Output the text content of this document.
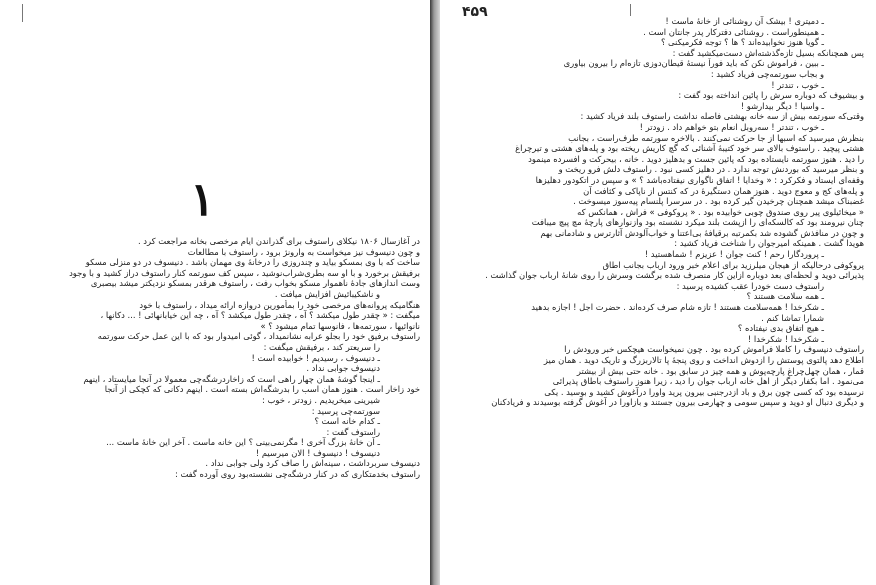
۱
در آغازسال ۱۸۰۶ نیکلای راستوف برای گذراندن ایام مرخصی بخانه مراجعت کرد .
و چون دنیسوف نیز میخواست به وارونژ برود ، راستوف با مطالعات
ساخت که با وی بمسکو بیاید و چندروزی را درخانهٔ وی مهمان باشد . دنیسوف در دو منزلی مسکو
برفیقش برخورد و با او سه بطری‌شراب‌نوشید ، سپس کف سورتمه کنار راستوف دراز کشید و با وجود
وست اندازهای جادهٔ ناهموار مسکو بخواب رفت ، راستوف هرقدر بمسکو نزدیکتر میشد بیصبری
و ناشکیبائیش افزایش میافت .
هنگامیکه پروانه‌های مرخصی خود را بمأمورین دروازه ارائه میداد ، راستوف با خود
میگفت : « چقدر طول میکشد ؟ آه ، چقدر طول میکشد ؟ آه ، چه این خیابانها‌ئی ! ... دکانها ،
نانوائیها ، سورتمه‌ها ، فانوسها تمام میشود ؟ »
راستوف برفیق خود را بجلو عرابه نشانمیداد ، گوئی امیدوار بود که با این عمل حرکت سورتمه
را سریعتر کند ، برفیقش میگفت :
ـ دنیسوف ، رسیدیم ! خوابیده است !
دنیسوف جوابی نداد .
ـ اینجا گوشهٔ همان چهار راهی است که زاخاردرشگه‌چی معمولا در آنجا میایستاد ، اینهم
خود زاخار است . هنوز همان اسب را بدرشگه‌اش بسته است . اینهم دکانی که کچکی از آنجا
شیرینی میخریدیم . زودتر ، خوب :
سورتمه‌چی پرسید :
ـ کدام خانه است ؟
راستوف گفت :
ـ آن خانهٔ بزرگ آخری ! مگرنمی‌بینی ؟ این خانه ماست . آخر این خانهٔ ماست ...
دنیسوف ! دنیسوف ! الان میرسیم !
دنیسوف سربرداشت ، سینه‌اش را صاف کرد ولی جوابی نداد .
راستوف بخدمتکاری که در کنار درشگه‌چی نشسته‌بود روی آورده گفت :
۴۵۹
ـ دمیتری ! بیشک آن روشنائی از خانهٔ ماست !
ـ همینطوراست . روشنائی دفترکار پدر جانتان است .
ـ گویا هنوز نخوابیده‌اند ؟ ها ؟ توجه فکرمیکنی ؟
پس همچنانکه بسیل تازه‌گذشته‌اش دست‌میکشید گفت :
ـ ببین ، فراموش نکن که باید فوراً نیستهٔ قیطان‌دوزی تازه‌ام را بیرون بیاوری
و بجاب سورتمه‌چی فریاد کشید :
ـ خوب ، تندتر !
و بیشیوف که دوباره سرش را پائین انداخته بود گفت :
ـ واسیا ! دیگر بیدارشو !
وقتی‌که سورتمه‌ بیش از سه خانه بهشتی فاصله نداشت راستوف بلند فریاد کشید :
ـ خوب ، تندتر ! سه‌روبل انعام بتو خواهم داد . زودتر !
بنظرش میرسید که اسبها از جا حرکت نمی‌کنند . بالاخره سورتمه طرف‌راست ، بجانب
هشتی پیچید . راستوف بالای سر خود کتیبهٔ آشنائی که گچ کاریش ریخته بود و پله‌های هشتی و تیرچراغ
را دید . هنوز سورتمه نایستاده بود که پائین جست و بدهلیز دوید . خانه ، بیحرکت و افسرده مینمود
و بنظر میرسید که بوردنش توجه ندارد . در دهلیز کسی نبود . راستوف دلش فرو ریخت و
وقفه‌ای ایستاد و فکرکرد : « وخدایا ! اتفاق ناگواری نیفتاده‌باشد ؟ » و سپس در اتکودور دهلیزها
و پله‌های کج و معوج دوید . هنوز همان دستگیرهٔ در که کنتس از ناپاکی و کثافت آن
غضبناک میشد همچنان چرخیدن گیر کرده بود . در سرسرا پلنسام پیه‌سوز میسوخت .
« میخائیلوی پیر روی صندوق چوبی خوابیده بود . « پروکوفی » فراش ، همانکس که
چنان نیرومند بود که کالسکه‌ای را ازپشت بلند میکرد نشسته بود وازنوارهای پارچهٔ مچ پیچ میبافت
و چون در منافذش گشوده شد بکمرتبه برقیافهٔ بی‌اعتنا و خواب‌آلودش آثارترس و شادمانی بهم
هویدا گشت . همینکه امیرجوان را شناخت فریاد کشید :
ـ پروردگارا رحم ! کنت جوان ! عزیزم ! شماهستید !
پروکوفی درحالیکه از هیجان میلرزید برای اعلام خبر ورود ارباب بجانب اطاق
پذیرائی دوید و لحظه‌ای بعد دوباره ازاین کار منصرف شده برگشت وسرش را روی شانهٔ ارباب جوان گذاشت .
راستوف دست خودرا عقب کشیده پرسید :
ـ همه سلامت هستند ؟
ـ شکرخدا ! همه‌سلامت هستند ! تازه شام صرف کرده‌اند . حضرت اجل ! اجازه بدهید
شمارا تماشا کنم .
ـ هیچ اتفاق بدی نیفتاده ؟
ـ شکرخدا ! شکرخدا !
راستوف دنیسوف را کاملا فراموش کرده بود . چون نمیخواست هیچکس خبر ورودش را
اطلاع دهد پالتوی پوستش را ازدوش انداخت و روی پنجهٔ پا تالاربزرگ و تاریک دوید . همان میز
قمار ، همان چهل‌چراغ پارچه‌پوش و همه چیز در سابق بود . خانه حتی بیش از بیشتر
می‌نمود . اما بکفار دیگر از اهل خانه ارباب جوان را دید ، زیرا هنوز راستوف باطاق پذیرائی
نرسیده بود که کسی چون برق و باد ازدرجنبی بیرون پرید واورا درآغوش کشید و بوسید . یکی
و دیگری دنبال او دوید و سپس سومی و چهارمی بیرون جستند و بازاورا در آغوش گرفته بوسیدند و فریادکنان
